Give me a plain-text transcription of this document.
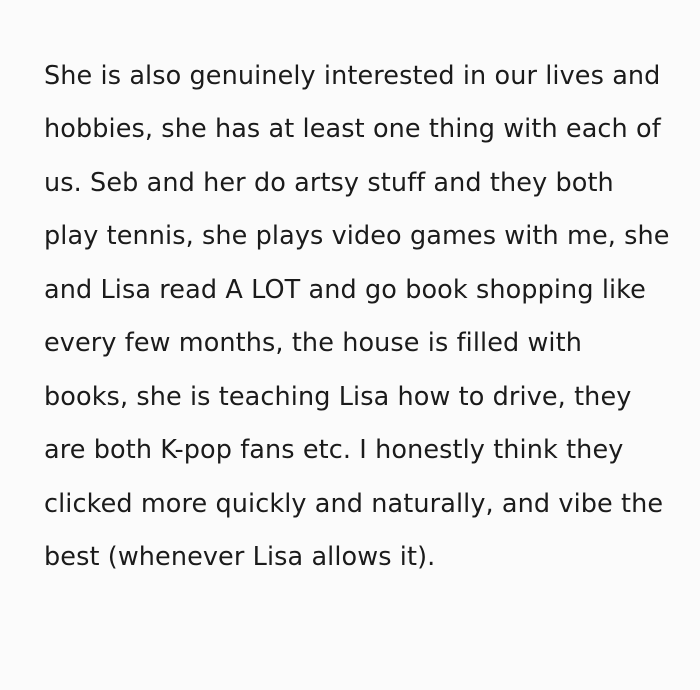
She is also genuinely interested in our lives and hobbies, she has at least one thing with each of us. Seb and her do artsy stuff and they both play tennis, she plays video games with me, she and Lisa read A LOT and go book shopping like every few months, the house is filled with books, she is teaching Lisa how to drive, they are both K-pop fans etc. I honestly think they clicked more quickly and naturally, and vibe the best (whenever Lisa allows it).
